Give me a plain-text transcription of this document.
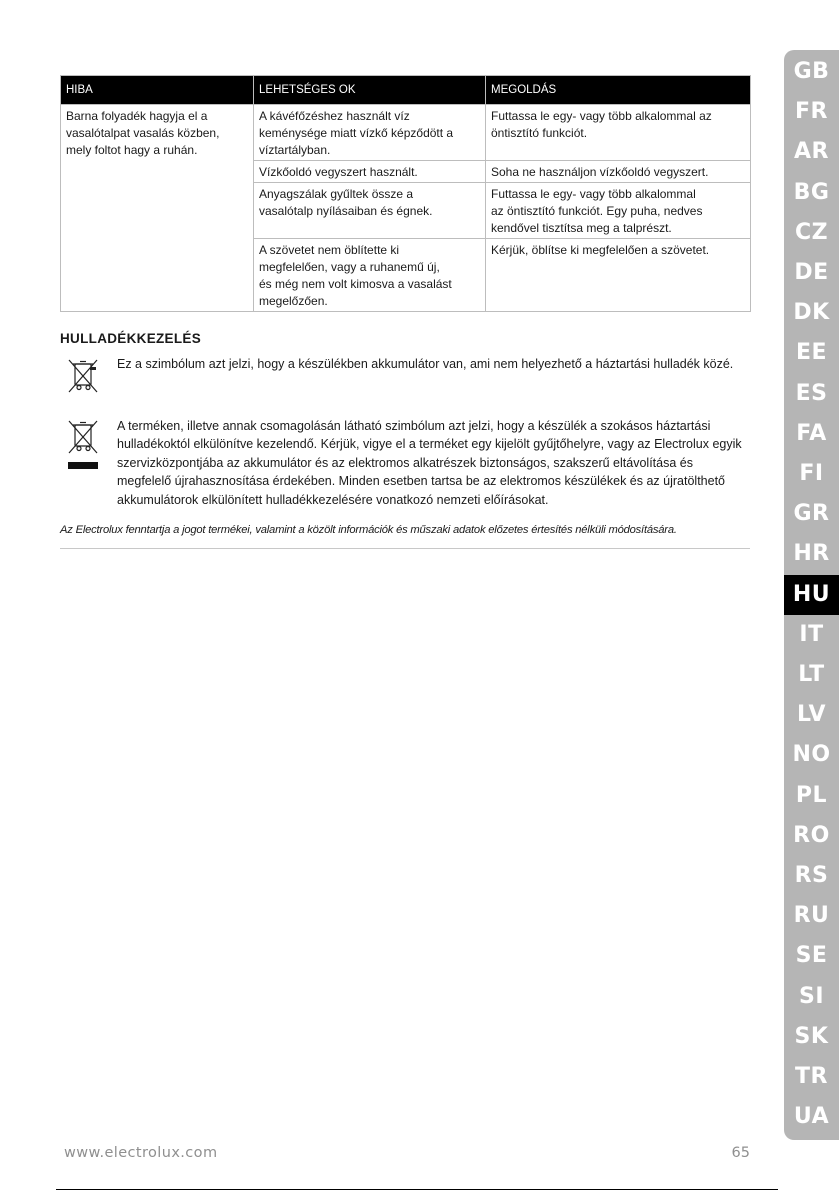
HIBA	LEHETSÉGES OK	MEGOLDÁS
Barna folyadék hagyja el a
vasalótalpat vasalás közben,
mely foltot hagy a ruhán.	A kávéfőzéshez használt víz
keménysége miatt vízkő képződött a
víztartályban.	Futtassa le egy- vagy több alkalommal az
öntisztító funkciót.
	Vízkőoldó vegyszert használt.	Soha ne használjon vízkőoldó vegyszert.
	Anyagszálak gyűltek össze a
vasalótalp nyílásaiban és égnek.	Futtassa le egy- vagy több alkalommal
az öntisztító funkciót. Egy puha, nedves
kendővel tisztítsa meg a talprészt.
	A szövetet nem öblítette ki
megfelelően, vagy a ruhanemű új,
és még nem volt kimosva a vasalást
megelőzően.	Kérjük, öblítse ki megfelelően a szövetet.
HULLADÉKKEZELÉS

Ez a szimbólum azt jelzi, hogy a készülékben akkumulátor van, ami nem helyezhető a háztartási hulladék közé.

A terméken, illetve annak csomagolásán látható szimbólum azt jelzi, hogy a készülék a szokásos háztartási hulladékoktól elkülönítve kezelendő. Kérjük, vigye el a terméket egy kijelölt gyűjtőhelyre, vagy az Electrolux egyik szervizközpontjába az akkumulátor és az elektromos alkatrészek biztonságos, szakszerű eltávolítása és megfelelő újrahasznosítása érdekében. Minden esetben tartsa be az elektromos készülékek és az újratölthető akkumulátorok elkülönített hulladékkezelésére vonatkozó nemzeti előírásokat.

Az Electrolux fenntartja a jogot termékei, valamint a közölt információk és műszaki adatok előzetes értesítés nélküli módosítására.

GB
FR
AR
BG
CZ
DE
DK
EE
ES
FA
FI
GR
HR
HU
IT
LT
LV
NO
PL
RO
RS
RU
SE
SI
SK
TR
UA

www.electrolux.com	65
